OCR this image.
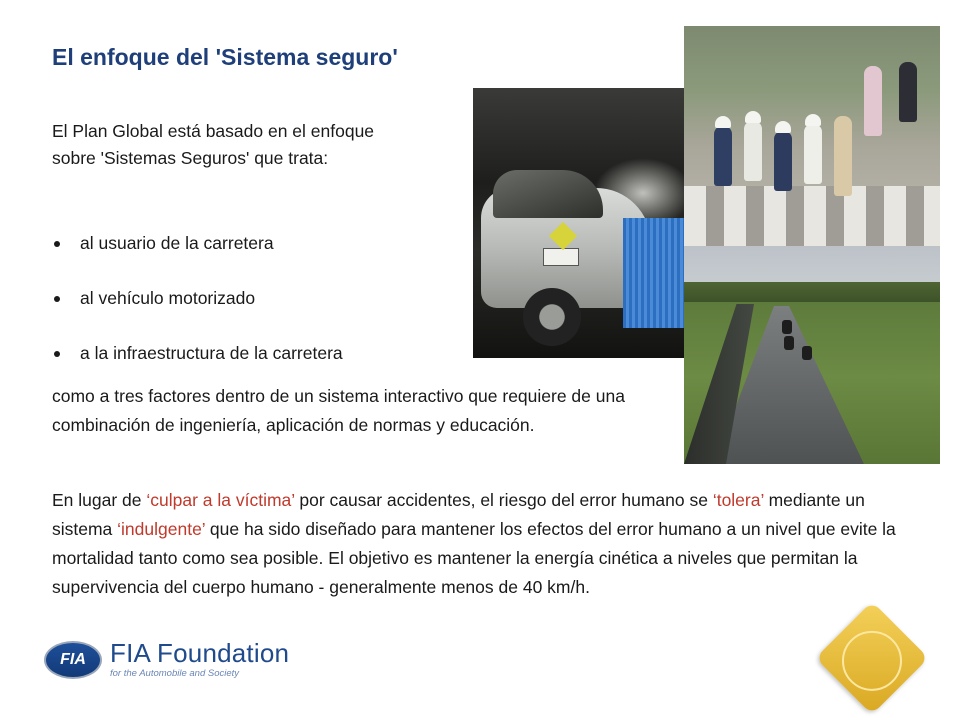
El enfoque del 'Sistema seguro'
El Plan Global está basado en el enfoque sobre 'Sistemas Seguros' que trata:
al usuario de la carretera
al vehículo motorizado
a la infraestructura de la carretera
como a tres factores dentro de un sistema interactivo que requiere de una combinación de ingeniería, aplicación de normas y educación.
En lugar de ‘culpar a la víctima’ por causar accidentes, el riesgo del error humano se ‘tolera’ mediante un sistema ‘indulgente’ que ha sido diseñado para mantener los efectos del error humano a un nivel que evite la mortalidad tanto como sea posible. El objetivo es mantener la energía cinética a niveles que permitan la supervivencia del cuerpo humano - generalmente menos de 40 km/h.
FIA FIA Foundation
for the Automobile and Society
